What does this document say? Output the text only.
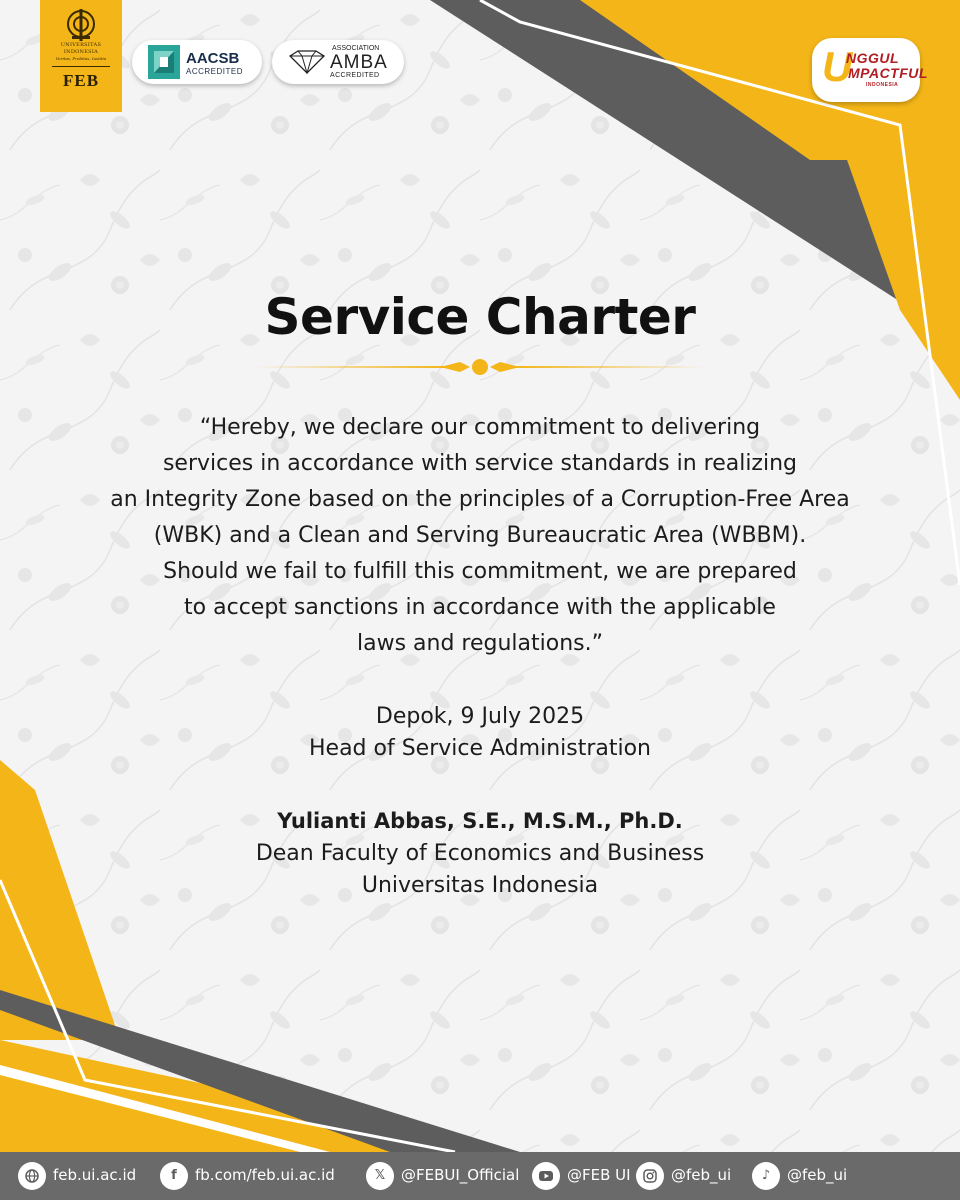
UNIVERSITAS
INDONESIA
Veritas, Probitas, Iustitia
FEB
AACSB
ACCREDITED
ASSOCIATION
AMBA
ACCREDITED	U
NGGUL
MPACTFUL
INDONESIA
Service Charter

“Hereby, we declare our commitment to delivering
services in accordance with service standards in realizing
an Integrity Zone based on the principles of a Corruption-Free Area
(WBK) and a Clean and Serving Bureaucratic Area (WBBM).
Should we fail to fulfill this commitment, we are prepared
to accept sanctions in accordance with the applicable
laws and regulations.”

Depok, 9 July 2025

Head of Service Administration

Yulianti Abbas, S.E., M.S.M., Ph.D.

Dean Faculty of Economics and Business

Universitas Indonesia

feb.ui.ac.id	f	fb.com/feb.ui.ac.id	𝕏	@FEBUI_Official	@FEB UI	@feb_ui	♪	@feb_ui
